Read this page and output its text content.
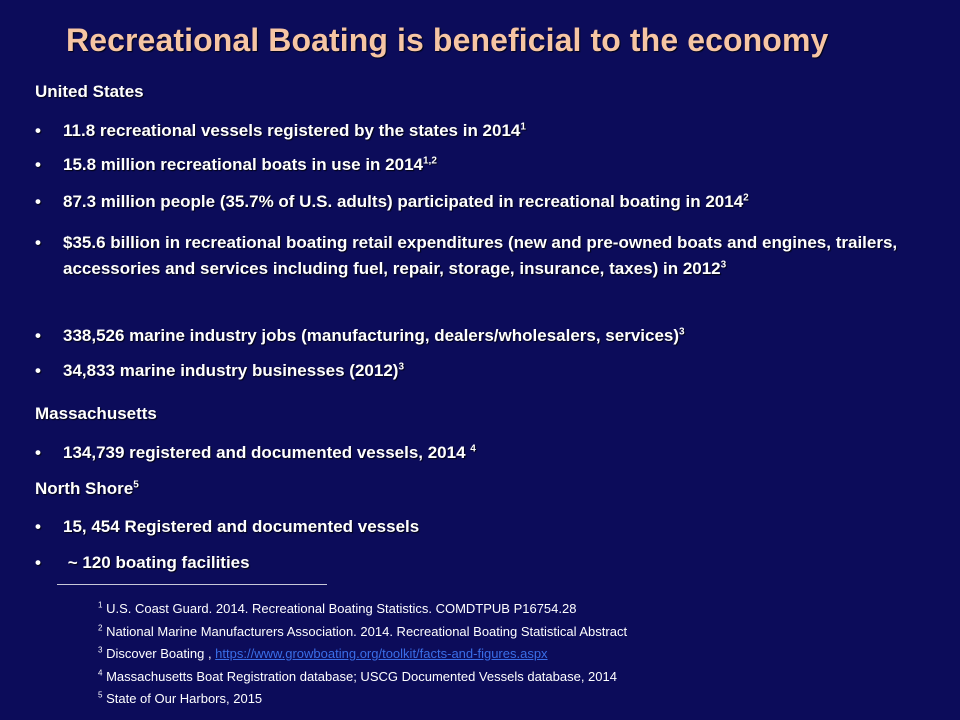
Recreational Boating is beneficial to the economy
United States
• 11.8 recreational vessels registered by the states in 2014$^1$
• 15.8 million recreational boats in use in 2014$^{1,2}$
• 87.3 million people (35.7% of U.S. adults) participated in recreational boating in 2014$^2$
• $35.6 billion in recreational boating retail expenditures (new and pre-owned boats and engines, trailers, accessories and services including fuel, repair, storage, insurance, taxes) in 2012$^3$
• 338,526 marine industry jobs (manufacturing, dealers/wholesalers, services)$^3$
• 34,833 marine industry businesses $(2012)^3$
Massachusetts
• 134,739 registered and documented vessels, 2014 $^4$
North Shore$^5$
• 15, 454 Registered and documented vessels
• ~ 120 boating facilities
$^1$ U.S. Coast Guard. 2014. Recreational Boating Statistics. COMDTPUB P16754.28
$^2$ National Marine Manufacturers Association. 2014. Recreational Boating Statistical Abstract
$^3$ Discover Boating , https://www.growboating.org/toolkit/facts-and-figures.aspx
$^4$ Massachusetts Boat Registration database; USCG Documented Vessels database, 2014
$^5$ State of Our Harbors, 2015
